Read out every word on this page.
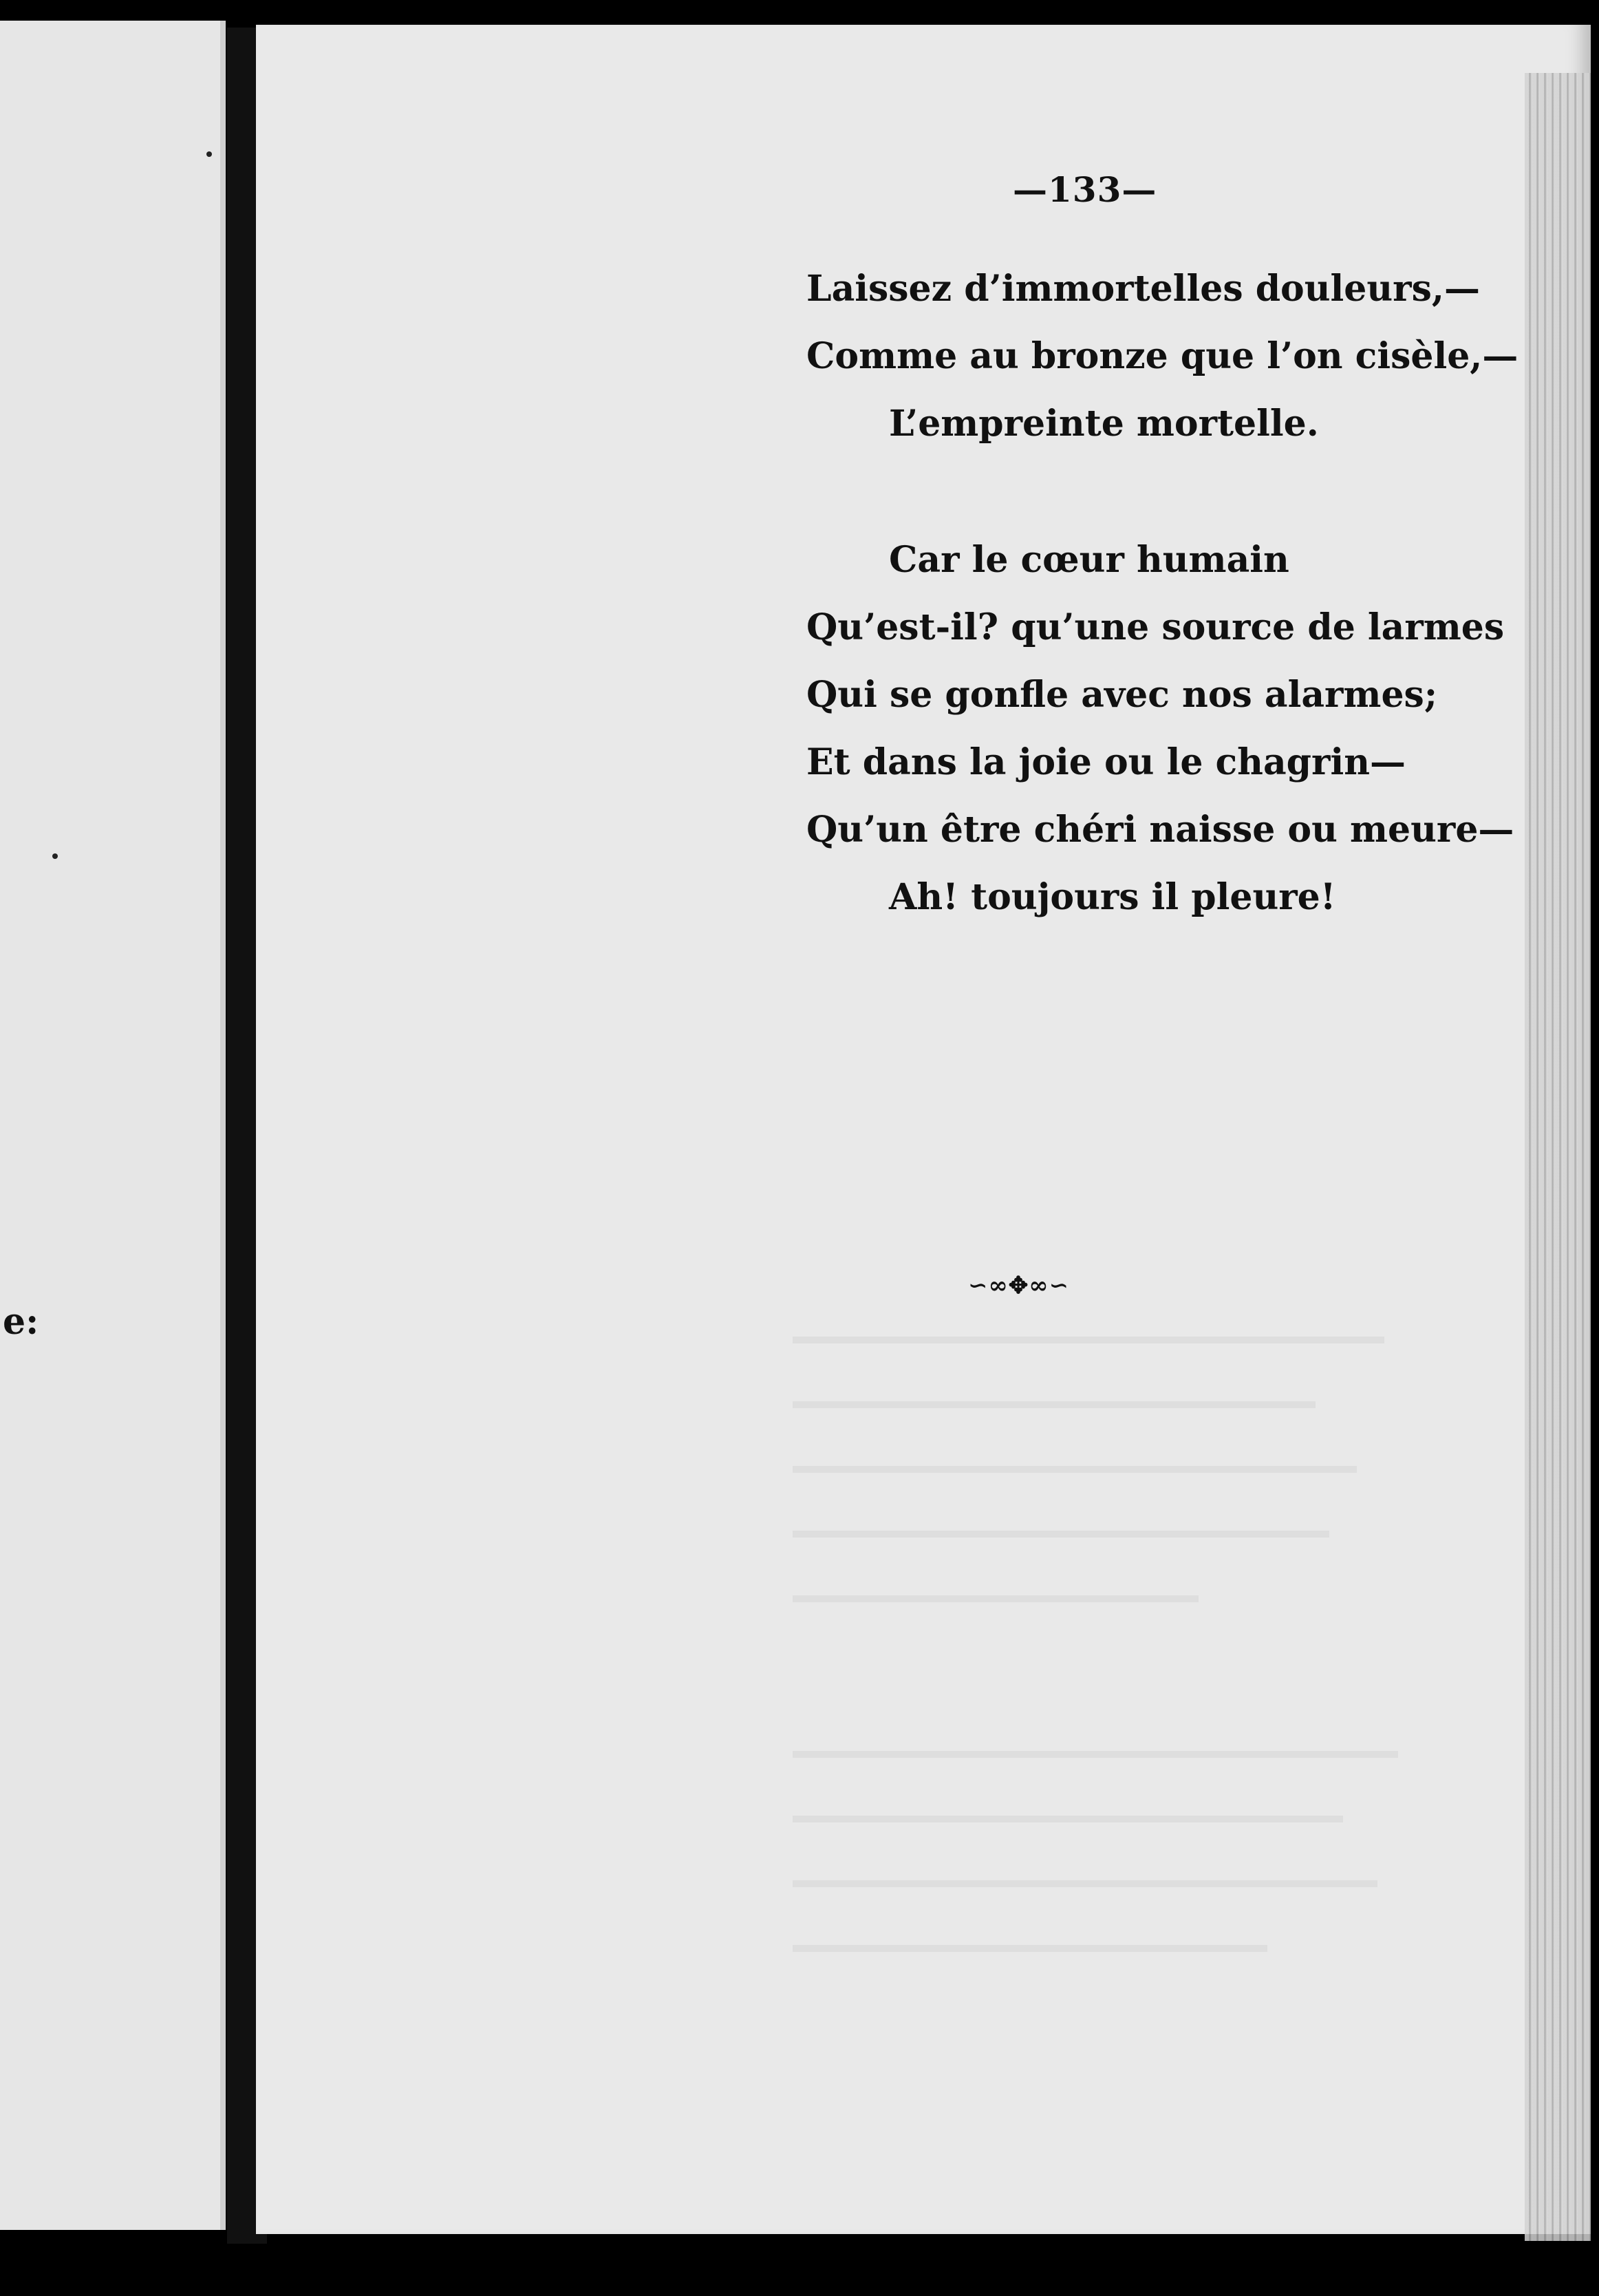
e:
—133—
Laissez d’immortelles douleurs,—
Comme au bronze que l’on cisèle,—
L’empreinte mortelle.
Car le cœur humain
Qu’est-il? qu’une source de larmes
Qui se gonfle avec nos alarmes;
Et dans la joie ou le chagrin—
Qu’un être chéri naisse ou meure—
Ah! toujours il pleure!
∽∞✥∞∽
